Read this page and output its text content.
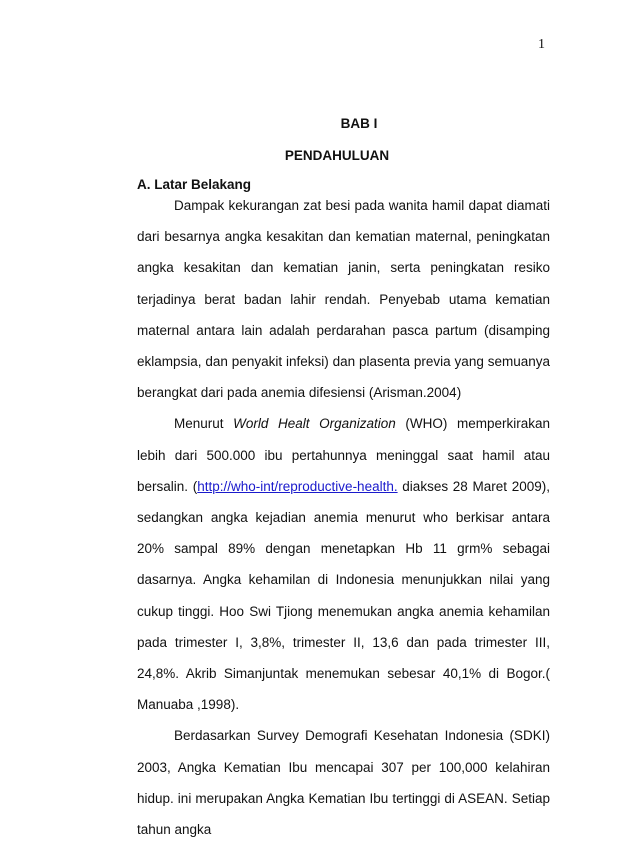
1
BAB I
PENDAHULUAN
A. Latar Belakang

Dampak kekurangan zat besi pada wanita hamil dapat diamati dari besarnya angka kesakitan dan kematian maternal, peningkatan angka kesakitan dan kematian janin, serta peningkatan resiko terjadinya berat badan lahir rendah. Penyebab utama kematian maternal antara lain adalah perdarahan pasca partum (disamping eklampsia, dan penyakit infeksi) dan plasenta previa yang semuanya berangkat dari pada anemia difesiensi (Arisman.2004)

Menurut World Healt Organization (WHO) memperkirakan lebih dari 500.000 ibu pertahunnya meninggal saat hamil atau bersalin. (http://who-int/reproductive-health. diakses 28 Maret 2009), sedangkan angka kejadian anemia menurut who berkisar antara 20% sampal 89% dengan menetapkan Hb 11 grm% sebagai dasarnya. Angka kehamilan di Indonesia menunjukkan nilai yang cukup tinggi. Hoo Swi Tjiong menemukan angka anemia kehamilan pada trimester I, 3,8%, trimester II, 13,6 dan pada trimester III, 24,8%. Akrib Simanjuntak menemukan sebesar 40,1% di Bogor.( Manuaba ,1998).

Berdasarkan Survey Demografi Kesehatan Indonesia (SDKI) 2003, Angka Kematian Ibu mencapai 307 per 100,000 kelahiran hidup. ini merupakan Angka Kematian Ibu tertinggi di ASEAN. Setiap tahun angka
